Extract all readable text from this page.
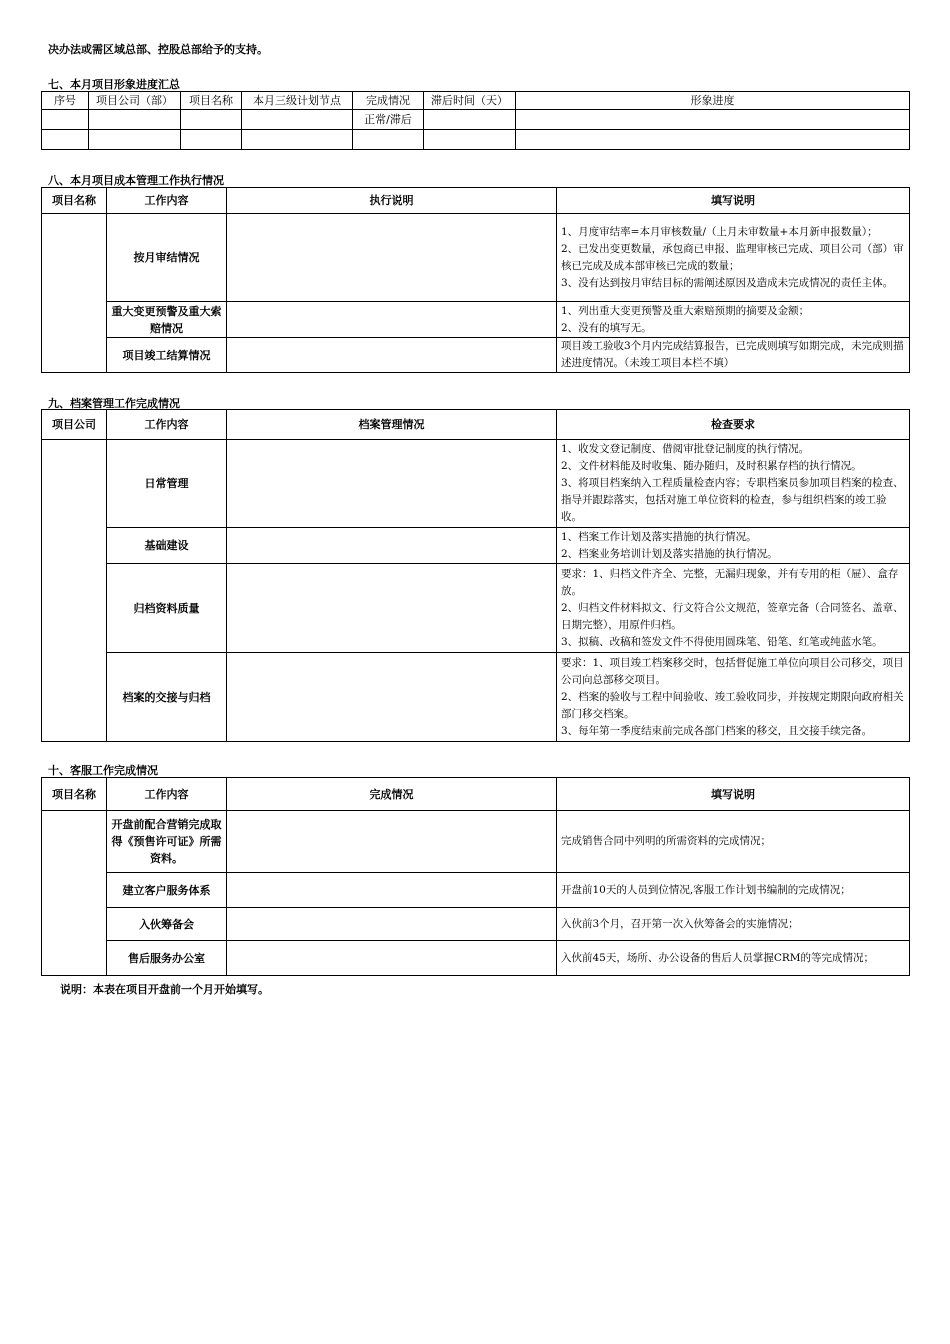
决办法或需区域总部、控股总部给予的支持。
七、本月项目形象进度汇总
序号	项目公司（部）	项目名称	本月三级计划节点	完成情况	滞后时间（天）	形象进度
				正常/滞后		

八、本月项目成本管理工作执行情况
项目名称	工作内容	执行说明	填写说明
	按月审结情况		1、月度审结率=本月审核数量/（上月未审数量+本月新申报数量）；
2、已发出变更数量，承包商已申报、监理审核已完成、项目公司（部）审核已完成及成本部审核已完成的数量；
3、没有达到按月审结目标的需阐述原因及造成未完成情况的责任主体。
	重大变更预警及重大索赔情况		1、列出重大变更预警及重大索赔预期的摘要及金额；
2、没有的填写无。
	项目竣工结算情况		项目竣工验收3个月内完成结算报告，已完成则填写如期完成，未完成则描述进度情况。（未竣工项目本栏不填）
九、档案管理工作完成情况
项目公司	工作内容	档案管理情况	检查要求
	日常管理		1、收发文登记制度、借阅审批登记制度的执行情况。
2、文件材料能及时收集、随办随归，及时积累存档的执行情况。
3、将项目档案纳入工程质量检查内容；专职档案员参加项目档案的检查、指导并跟踪落实，包括对施工单位资料的检查，参与组织档案的竣工验收。
	基础建设		1、档案工作计划及落实措施的执行情况。
2、档案业务培训计划及落实措施的执行情况。
	归档资料质量		要求：1、归档文件齐全、完整，无漏归现象，并有专用的柜（屉）、盒存放。
2、归档文件材料拟文、行文符合公文规范，签章完备（合同签名、盖章、日期完整），用原件归档。
3、拟稿、改稿和签发文件不得使用圆珠笔、铅笔、红笔或纯蓝水笔。
	档案的交接与归档		要求：1、项目竣工档案移交时，包括督促施工单位向项目公司移交，项目公司向总部移交项目。
2、档案的验收与工程中间验收、竣工验收同步，并按规定期限向政府相关部门移交档案。
3、每年第一季度结束前完成各部门档案的移交，且交接手续完备。
十、客服工作完成情况
项目名称	工作内容	完成情况	填写说明
	开盘前配合营销完成取得《预售许可证》所需资料。		完成销售合同中列明的所需资料的完成情况；
	建立客户服务体系		开盘前10天的人员到位情况,客服工作计划书编制的完成情况；
	入伙筹备会		入伙前3个月，召开第一次入伙筹备会的实施情况；
	售后服务办公室		入伙前45天，场所、办公设备的售后人员掌握CRM的等完成情况；
说明：本表在项目开盘前一个月开始填写。
